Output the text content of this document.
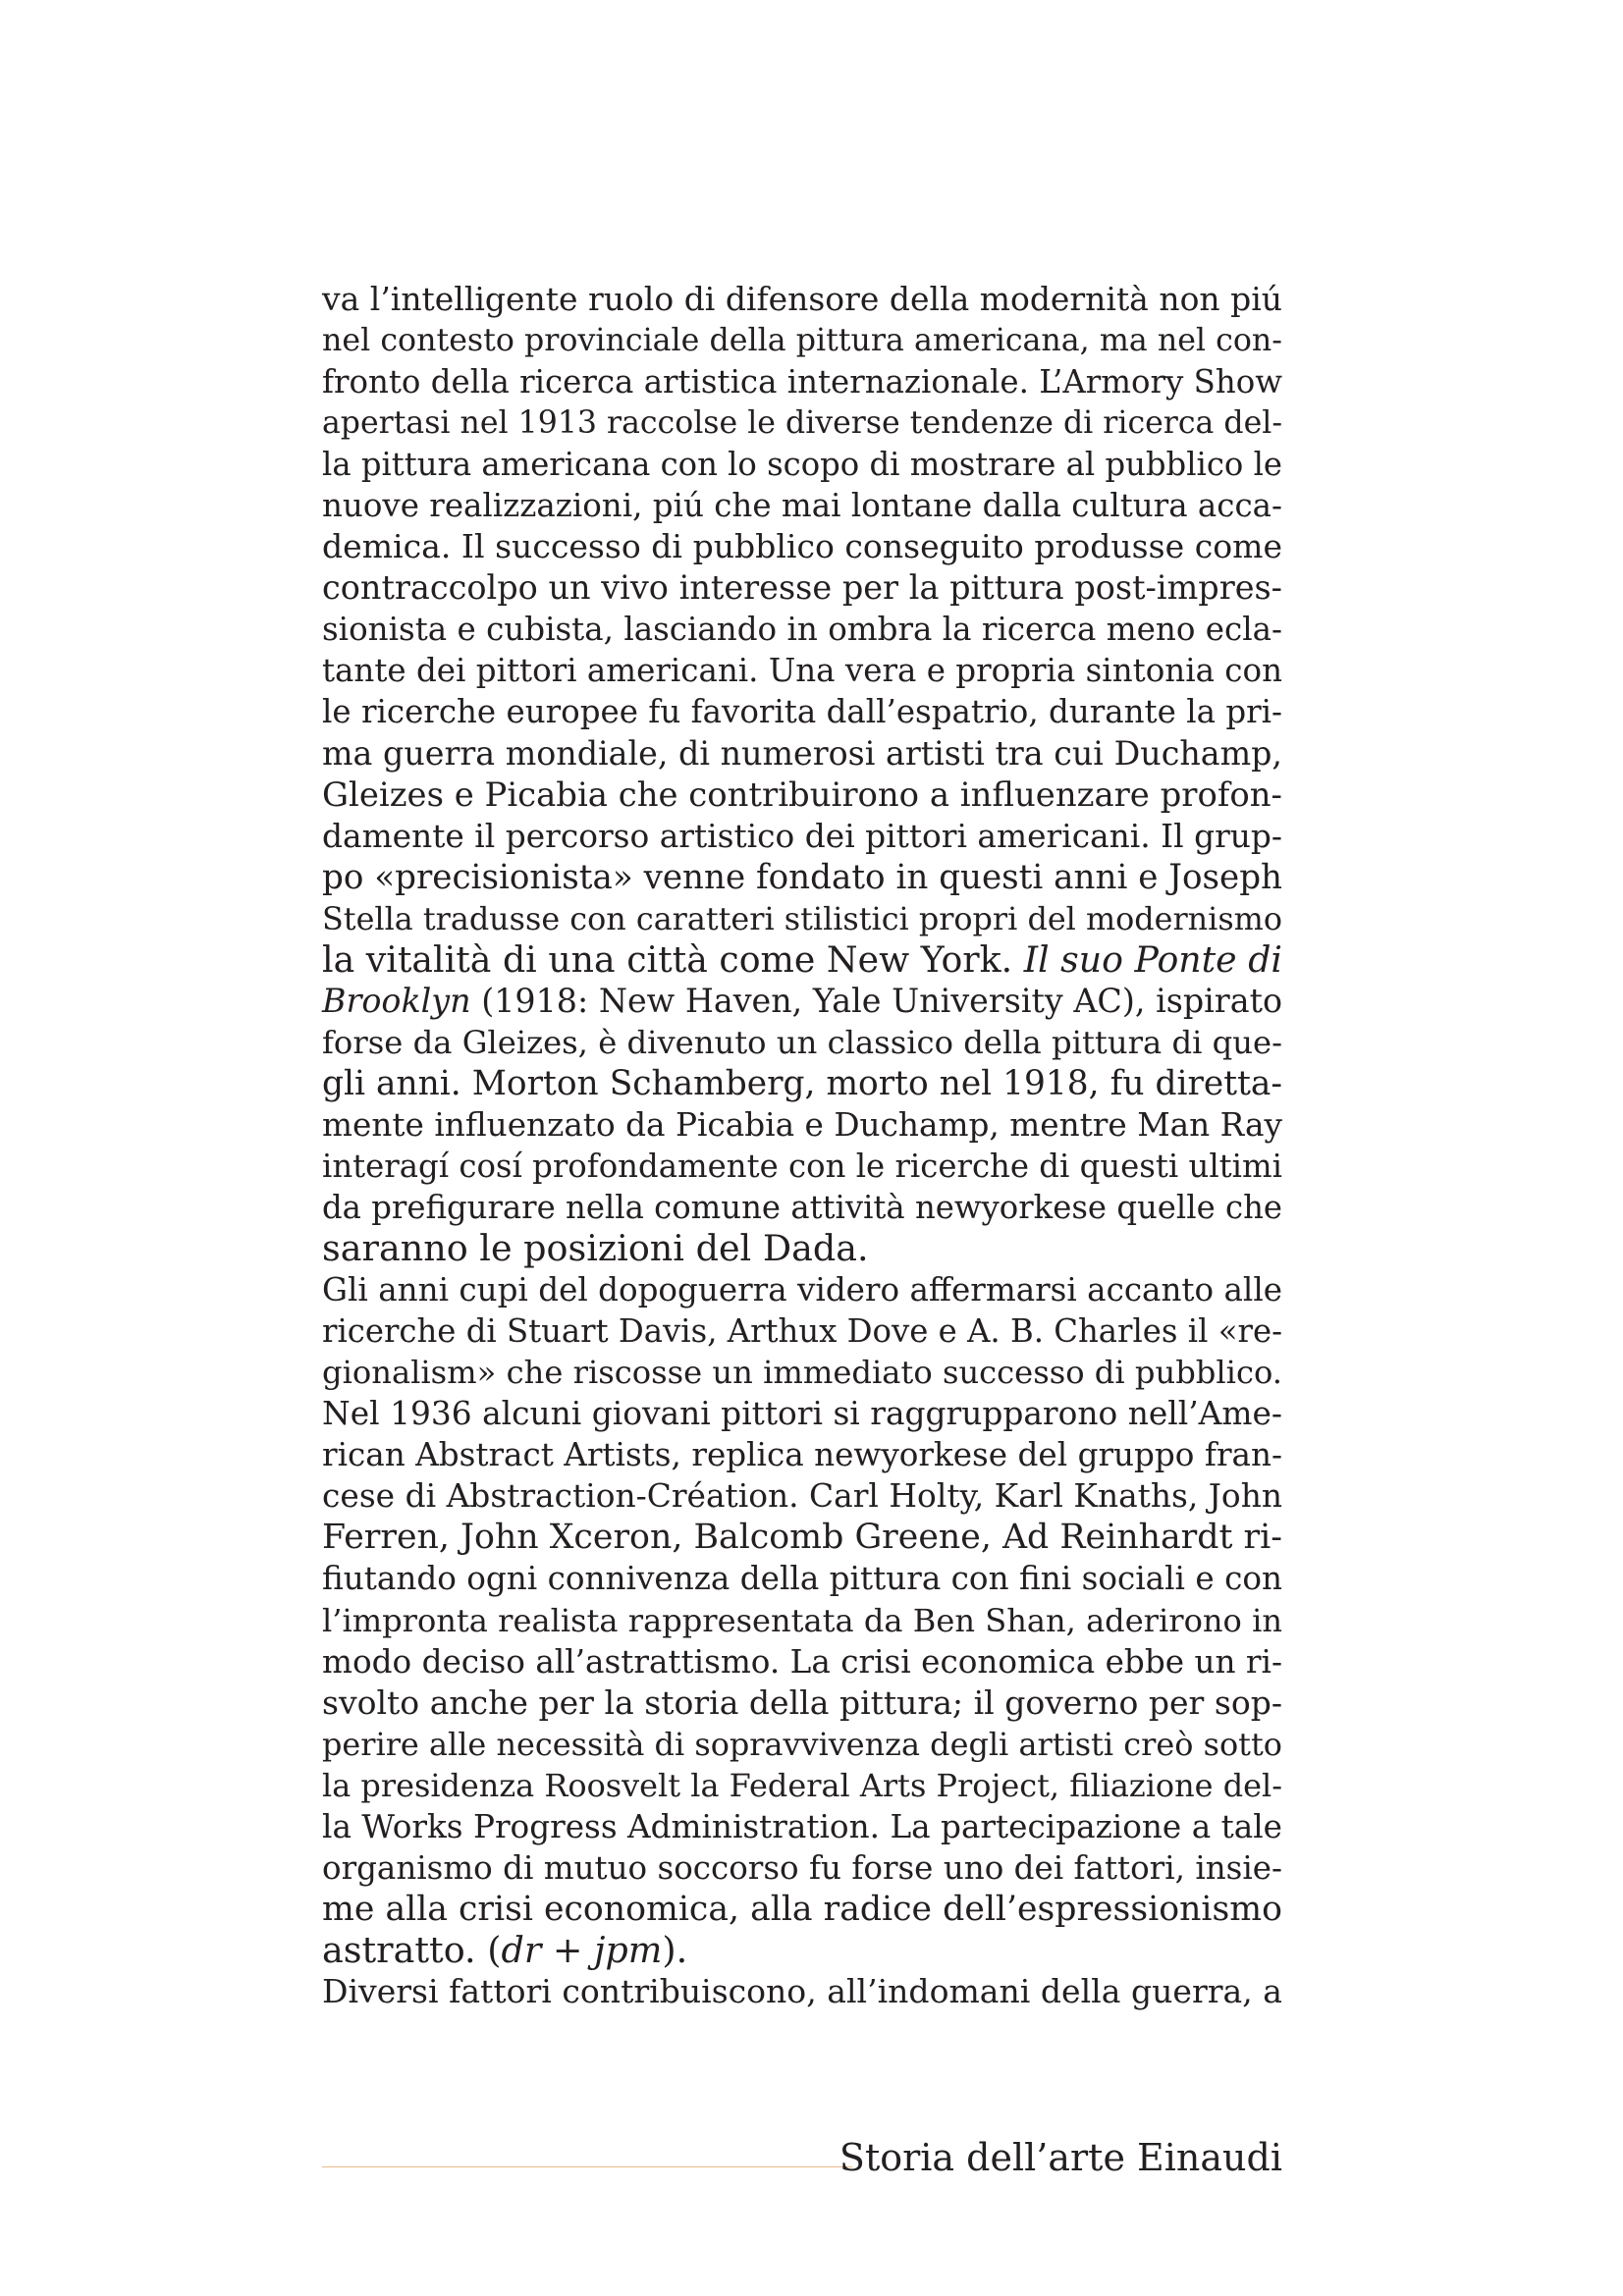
va l’intelligente ruolo di difensore della modernità non piú
nel contesto provinciale della pittura americana, ma nel con-
fronto della ricerca artistica internazionale. L’Armory Show
apertasi nel 1913 raccolse le diverse tendenze di ricerca del-
la pittura americana con lo scopo di mostrare al pubblico le
nuove realizzazioni, piú che mai lontane dalla cultura acca-
demica. Il successo di pubblico conseguito produsse come
contraccolpo un vivo interesse per la pittura post-impres-
sionista e cubista, lasciando in ombra la ricerca meno ecla-
tante dei pittori americani. Una vera e propria sintonia con
le ricerche europee fu favorita dall’espatrio, durante la pri-
ma guerra mondiale, di numerosi artisti tra cui Duchamp,
Gleizes e Picabia che contribuirono a influenzare profon-
damente il percorso artistico dei pittori americani. Il grup-
po «precisionista» venne fondato in questi anni e Joseph
Stella tradusse con caratteri stilistici propri del modernismo
la vitalità di una città come New York. Il suo Ponte di
Brooklyn (1918: New Haven, Yale University AC), ispirato
forse da Gleizes, è divenuto un classico della pittura di que-
gli anni. Morton Schamberg, morto nel 1918, fu diretta-
mente influenzato da Picabia e Duchamp, mentre Man Ray
interagí cosí profondamente con le ricerche di questi ultimi
da prefigurare nella comune attività newyorkese quelle che
saranno le posizioni del Dada.
Gli anni cupi del dopoguerra videro affermarsi accanto alle
ricerche di Stuart Davis, Arthux Dove e A. B. Charles il «re-
gionalism» che riscosse un immediato successo di pubblico.
Nel 1936 alcuni giovani pittori si raggrupparono nell’Ame-
rican Abstract Artists, replica newyorkese del gruppo fran-
cese di Abstraction-Création. Carl Holty, Karl Knaths, John
Ferren, John Xceron, Balcomb Greene, Ad Reinhardt ri-
fiutando ogni connivenza della pittura con fini sociali e con
l’impronta realista rappresentata da Ben Shan, aderirono in
modo deciso all’astrattismo. La crisi economica ebbe un ri-
svolto anche per la storia della pittura; il governo per sop-
perire alle necessità di sopravvivenza degli artisti creò sotto
la presidenza Roosvelt la Federal Arts Project, filiazione del-
la Works Progress Administration. La partecipazione a tale
organismo di mutuo soccorso fu forse uno dei fattori, insie-
me alla crisi economica, alla radice dell’espressionismo
astratto. (dr + jpm).
Diversi fattori contribuiscono, all’indomani della guerra, a
Storia dell’arte Einaudi
